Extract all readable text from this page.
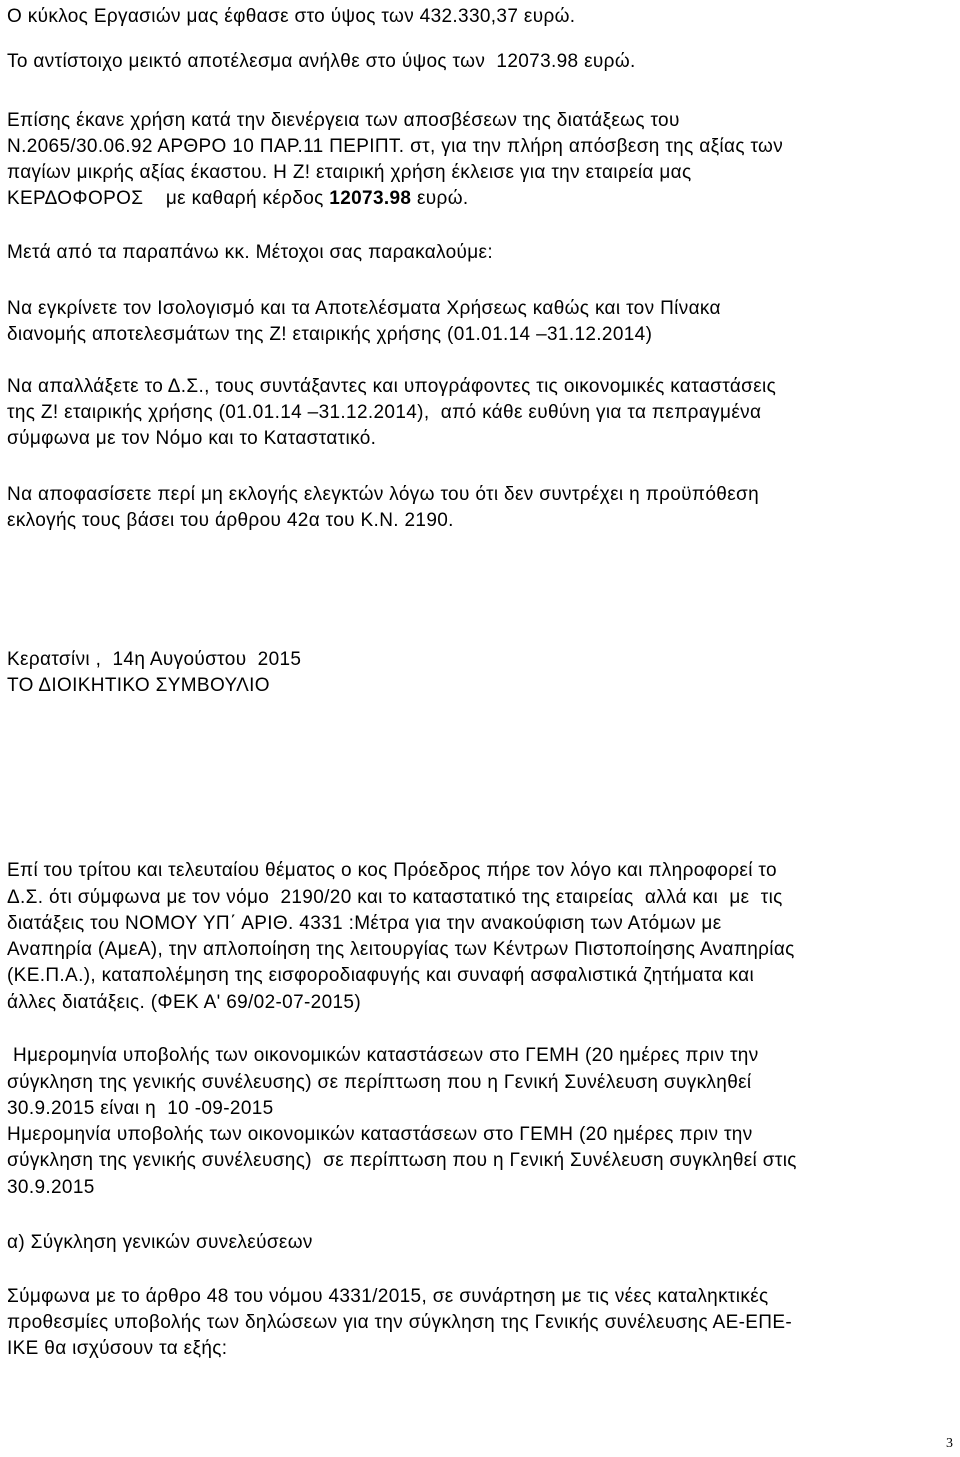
Ο κύκλος Εργασιών μας έφθασε στο ύψος των 432.330,37 ευρώ.
Το αντίστοιχο μεικτό αποτέλεσμα ανήλθε στο ύψος των  12073.98 ευρώ.
Επίσης έκανε χρήση κατά την διενέργεια των αποσβέσεων της διατάξεως του
Ν.2065/30.06.92 ΑΡΘΡΟ 10 ΠΑΡ.11 ΠΕΡΙΠΤ. στ, για την πλήρη απόσβεση της αξίας των
παγίων μικρής αξίας έκαστου. Η Ζ! εταιρική χρήση έκλεισε για την εταιρεία μας
ΚΕΡΔΟΦΟΡΟΣ    με καθαρή κέρδος 12073.98 ευρώ.
Μετά από τα παραπάνω κκ. Μέτοχοι σας παρακαλούμε:
Να εγκρίνετε τον Ισολογισμό και τα Αποτελέσματα Χρήσεως καθώς και τον Πίνακα
διανομής αποτελεσμάτων της Ζ! εταιρικής χρήσης (01.01.14 –31.12.2014)
Να απαλλάξετε το Δ.Σ., τους συντάξαντες και υπογράφοντες τις οικονομικές καταστάσεις
της Ζ! εταιρικής χρήσης (01.01.14 –31.12.2014),  από κάθε ευθύνη για τα πεπραγμένα
σύμφωνα με τον Νόμο και το Καταστατικό.
Να αποφασίσετε περί μη εκλογής ελεγκτών λόγω του ότι δεν συντρέχει η προϋπόθεση
εκλογής τους βάσει του άρθρου 42α του Κ.Ν. 2190.
Κερατσίνι ,  14η Αυγούστου  2015
ΤΟ ΔΙΟΙΚΗΤΙΚΟ ΣΥΜΒΟΥΛΙΟ
Επί του τρίτου και τελευταίου θέματος ο κος Πρόεδρος πήρε τον λόγο και πληροφορεί το
Δ.Σ. ότι σύμφωνα με τον νόμο  2190/20 και το καταστατικό της εταιρείας  αλλά και  με  τις
διατάξεις του ΝΟΜΟΥ ΥΠ΄ ΑΡΙΘ. 4331 :Μέτρα για την ανακούφιση των Ατόμων με
Αναπηρία (ΑμεΑ), την απλοποίηση της λειτουργίας των Κέντρων Πιστοποίησης Αναπηρίας
(ΚΕ.Π.Α.), καταπολέμηση της εισφοροδιαφυγής και συναφή ασφαλιστικά ζητήματα και
άλλες διατάξεις. (ΦΕΚ Α' 69/02-07-2015)
Ημερομηνία υποβολής των οικονομικών καταστάσεων στο ΓΕΜΗ (20 ημέρες πριν την
σύγκληση της γενικής συνέλευσης) σε περίπτωση που η Γενική Συνέλευση συγκληθεί
30.9.2015 είναι η  10 -09-2015
Ημερομηνία υποβολής των οικονομικών καταστάσεων στο ΓΕΜΗ (20 ημέρες πριν την
σύγκληση της γενικής συνέλευσης)  σε περίπτωση που η Γενική Συνέλευση συγκληθεί στις
30.9.2015
α) Σύγκληση γενικών συνελεύσεων
Σύμφωνα με το άρθρο 48 του νόμου 4331/2015, σε συνάρτηση με τις νέες καταληκτικές
προθεσμίες υποβολής των δηλώσεων για την σύγκληση της Γενικής συνέλευσης ΑΕ-ΕΠΕ-
ΙΚΕ θα ισχύσουν τα εξής:
3
